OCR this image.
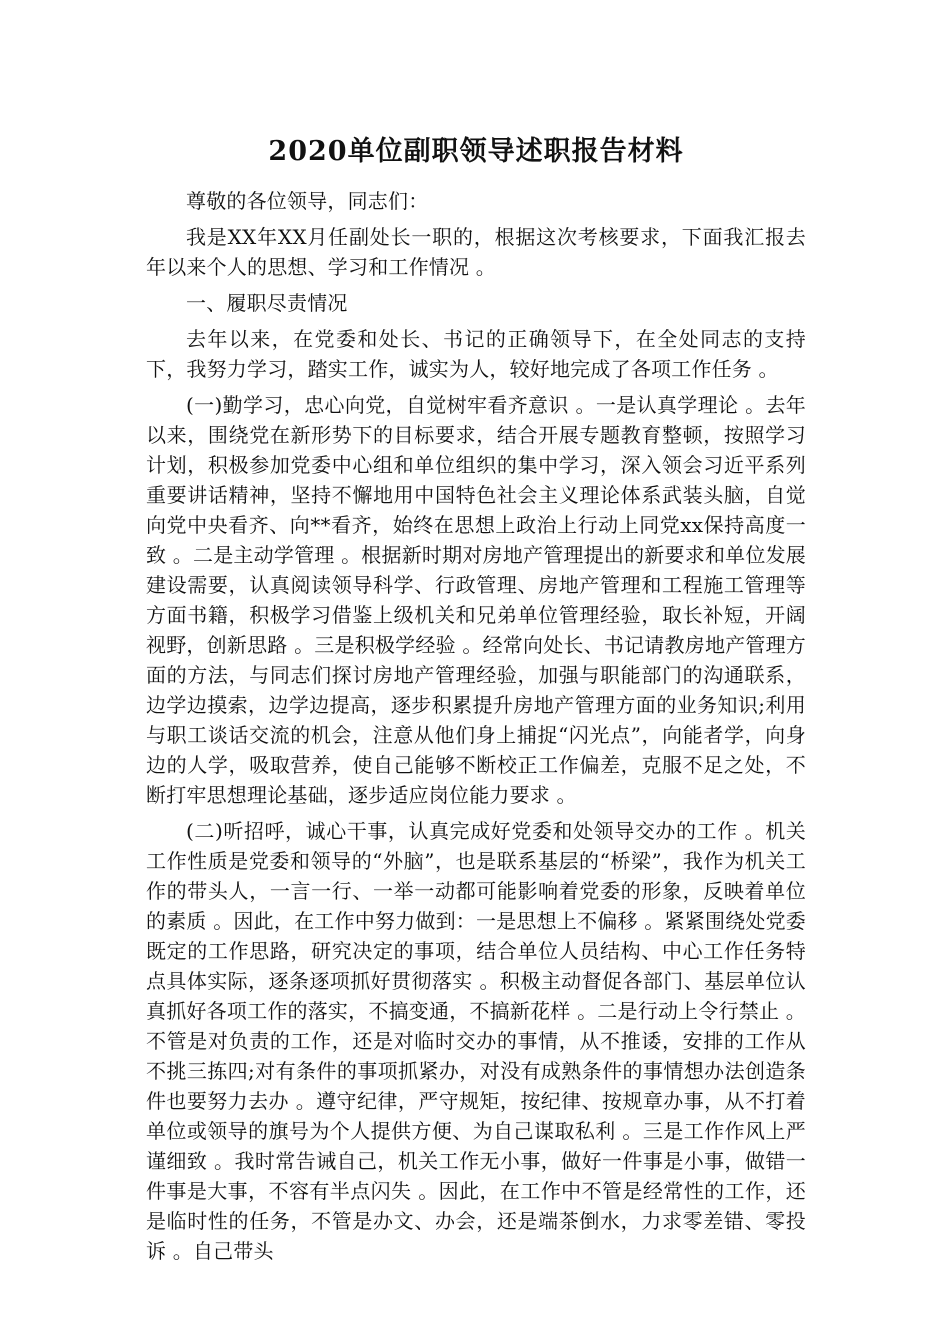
2020单位副职领导述职报告材料

尊敬的各位领导，同志们：

我是XX年XX月任副处长一职的，根据这次考核要求，下面我汇报去年以来个人的思想、学习和工作情况 。

一、履职尽责情况

去年以来，在党委和处长、书记的正确领导下，在全处同志的支持下，我努力学习，踏实工作，诚实为人，较好地完成了各项工作任务 。

(一)勤学习，忠心向党，自觉树牢看齐意识 。一是认真学理论 。去年以来，围绕党在新形势下的目标要求，结合开展专题教育整顿，按照学习计划，积极参加党委中心组和单位组织的集中学习，深入领会习近平系列重要讲话精神，坚持不懈地用中国特色社会主义理论体系武装头脑，自觉向党中央看齐、向**看齐，始终在思想上政治上行动上同党xx保持高度一致 。二是主动学管理 。根据新时期对房地产管理提出的新要求和单位发展建设需要，认真阅读领导科学、行政管理、房地产管理和工程施工管理等方面书籍，积极学习借鉴上级机关和兄弟单位管理经验，取长补短，开阔视野，创新思路 。三是积极学经验 。经常向处长、书记请教房地产管理方面的方法，与同志们探讨房地产管理经验，加强与职能部门的沟通联系，边学边摸索，边学边提高，逐步积累提升房地产管理方面的业务知识;利用与职工谈话交流的机会，注意从他们身上捕捉“闪光点”，向能者学，向身边的人学，吸取营养，使自己能够不断校正工作偏差，克服不足之处，不断打牢思想理论基础，逐步适应岗位能力要求 。

(二)听招呼，诚心干事，认真完成好党委和处领导交办的工作 。机关工作性质是党委和领导的“外脑”，也是联系基层的“桥梁”，我作为机关工作的带头人，一言一行、一举一动都可能影响着党委的形象，反映着单位的素质 。因此，在工作中努力做到：一是思想上不偏移 。紧紧围绕处党委既定的工作思路，研究决定的事项，结合单位人员结构、中心工作任务特点具体实际，逐条逐项抓好贯彻落实 。积极主动督促各部门、基层单位认真抓好各项工作的落实，不搞变通，不搞新花样 。二是行动上令行禁止 。不管是对负责的工作，还是对临时交办的事情，从不推诿，安排的工作从不挑三拣四;对有条件的事项抓紧办，对没有成熟条件的事情想办法创造条件也要努力去办 。遵守纪律，严守规矩，按纪律、按规章办事，从不打着单位或领导的旗号为个人提供方便、为自己谋取私利 。三是工作作风上严谨细致 。我时常告诫自己，机关工作无小事，做好一件事是小事，做错一件事是大事，不容有半点闪失 。因此，在工作中不管是经常性的工作，还是临时性的任务，不管是办文、办会，还是端茶倒水，力求零差错、零投诉 。自己带头
